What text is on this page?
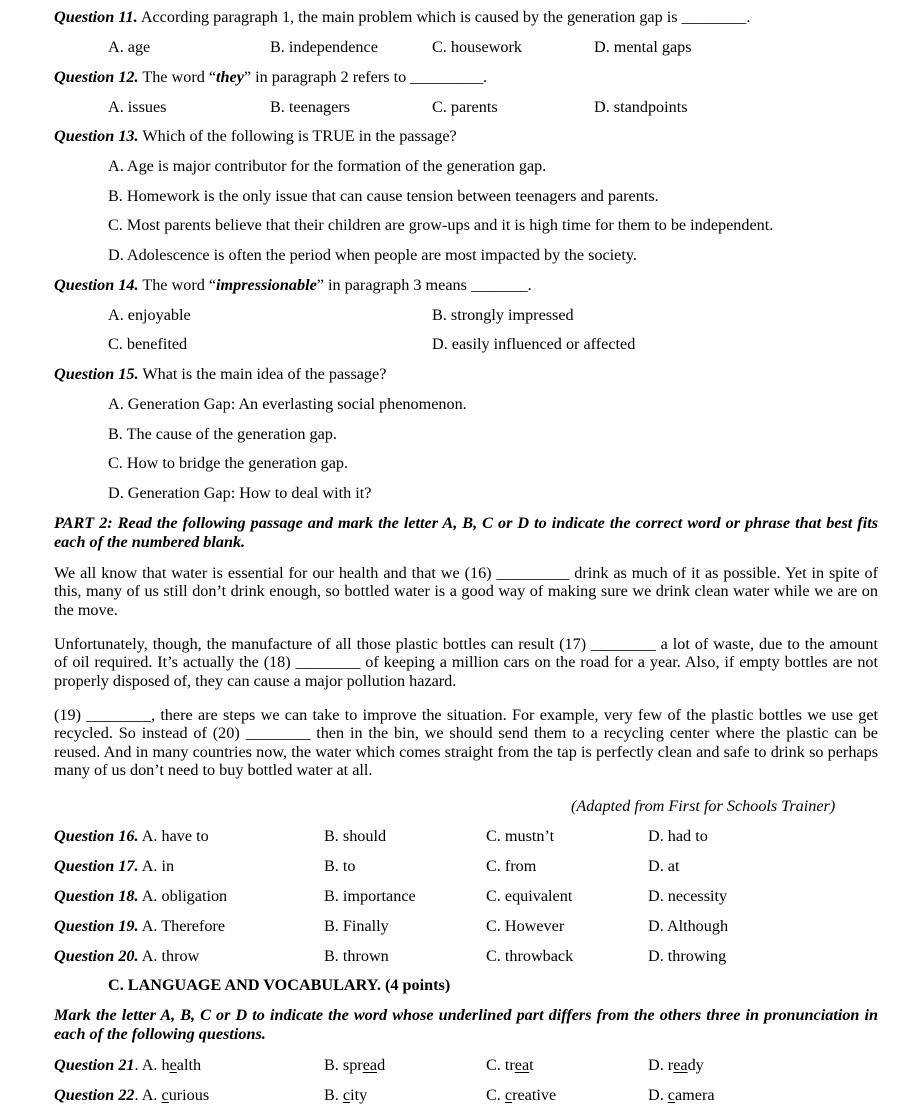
Question 11. According paragraph 1, the main problem which is caused by the generation gap is ________.
A. age	B. independence	C. housework	D. mental gaps
Question 12. The word “they” in paragraph 2 refers to _________.
A. issues	B. teenagers	C. parents	D. standpoints
Question 13. Which of the following is TRUE in the passage?
A. Age is major contributor for the formation of the generation gap.
B. Homework is the only issue that can cause tension between teenagers and parents.
C. Most parents believe that their children are grow-ups and it is high time for them to be independent.
D. Adolescence is often the period when people are most impacted by the society.
Question 14. The word “impressionable” in paragraph 3 means _______.
A. enjoyable	B. strongly impressed
C. benefited	D. easily influenced or affected
Question 15. What is the main idea of the passage?
A. Generation Gap: An everlasting social phenomenon.
B. The cause of the generation gap.
C. How to bridge the generation gap.
D. Generation Gap: How to deal with it?
PART 2: Read the following passage and mark the letter A, B, C or D to indicate the correct word or phrase that best fits each of the numbered blank.
We all know that water is essential for our health and that we (16) _________ drink as much of it as possible. Yet in spite of this, many of us still don’t drink enough, so bottled water is a good way of making sure we drink clean water while we are on the move.
Unfortunately, though, the manufacture of all those plastic bottles can result (17) ________ a lot of waste, due to the amount of oil required. It’s actually the (18) ________ of keeping a million cars on the road for a year. Also, if empty bottles are not properly disposed of, they can cause a major pollution hazard.
(19) ________, there are steps we can take to improve the situation. For example, very few of the plastic bottles we use get recycled. So instead of (20) ________ then in the bin, we should send them to a recycling center where the plastic can be reused. And in many countries now, the water which comes straight from the tap is perfectly clean and safe to drink so perhaps many of us don’t need to buy bottled water at all.
(Adapted from First for Schools Trainer)
Question 16. A. have to	B. should	C. mustn’t	D. had to
Question 17. A. in	B. to	C. from	D. at
Question 18. A. obligation	B. importance	C. equivalent	D. necessity
Question 19. A. Therefore	B. Finally	C. However	D. Although
Question 20. A. throw	B. thrown	C. throwback	D. throwing
C. LANGUAGE AND VOCABULARY. (4 points)
Mark the letter A, B, C or D to indicate the word whose underlined part differs from the others three in pronunciation in each of the following questions.
Question 21. A. health	B. spread	C. treat	D. ready
Question 22. A. curious	B. city	C. creative	D. camera
